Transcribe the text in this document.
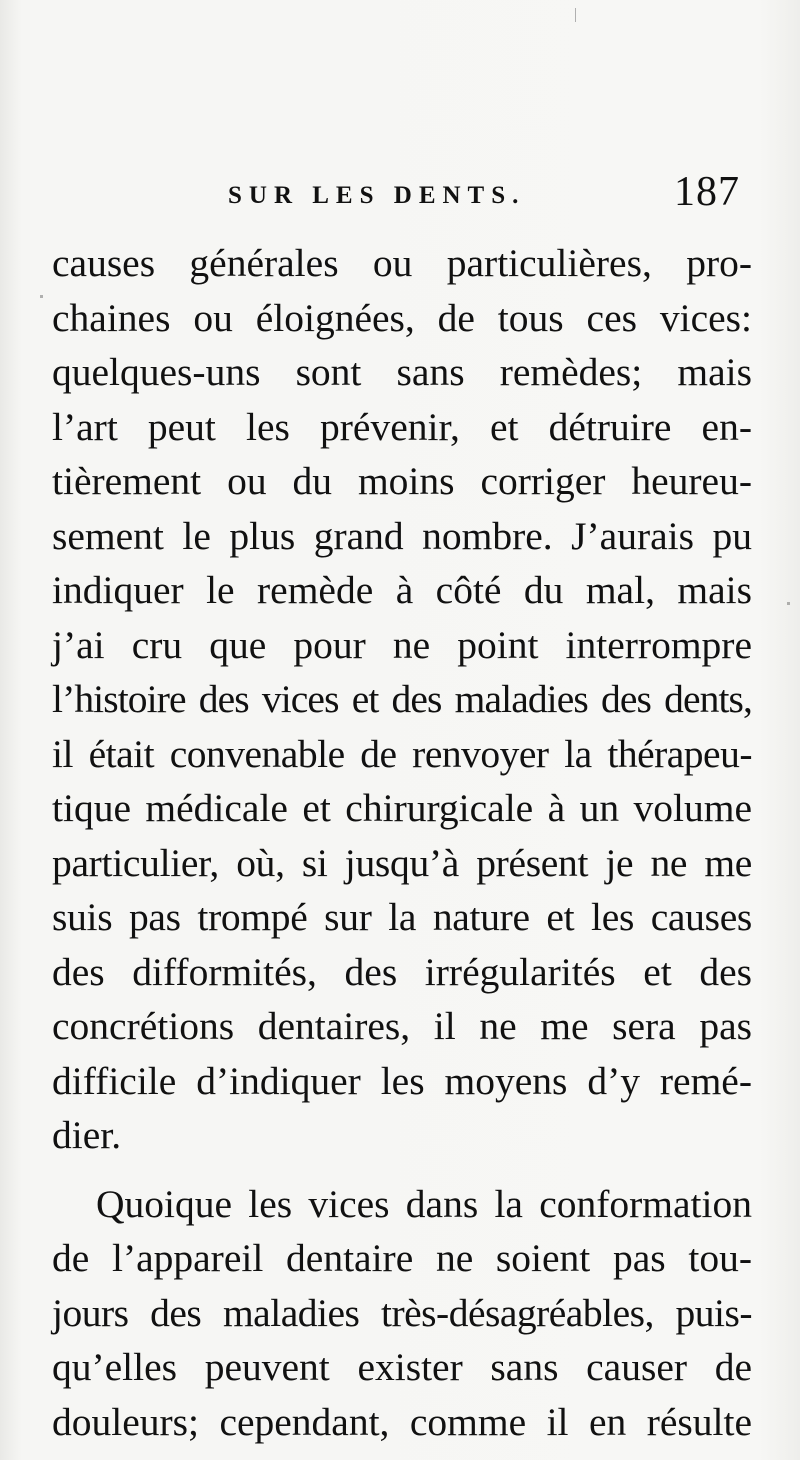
SUR LES DENTS.	187
causes générales ou particulières, pro-
chaines ou éloignées, de tous ces vices:
quelques-uns sont sans remèdes; mais
l’art peut les prévenir, et détruire en-
tièrement ou du moins corriger heureu-
sement le plus grand nombre. J’aurais pu
indiquer le remède à côté du mal, mais
j’ai cru que pour ne point interrompre
l’histoire des vices et des maladies des dents,
il était convenable de renvoyer la thérapeu-
tique médicale et chirurgicale à un volume
particulier, où, si jusqu’à présent je ne me
suis pas trompé sur la nature et les causes
des difformités, des irrégularités et des
concrétions dentaires, il ne me sera pas
difficile d’indiquer les moyens d’y remé-
dier.
Quoique les vices dans la conformation
de l’appareil dentaire ne soient pas tou-
jours des maladies très-désagréables, puis-
qu’elles peuvent exister sans causer de
douleurs; cependant, comme il en résulte
